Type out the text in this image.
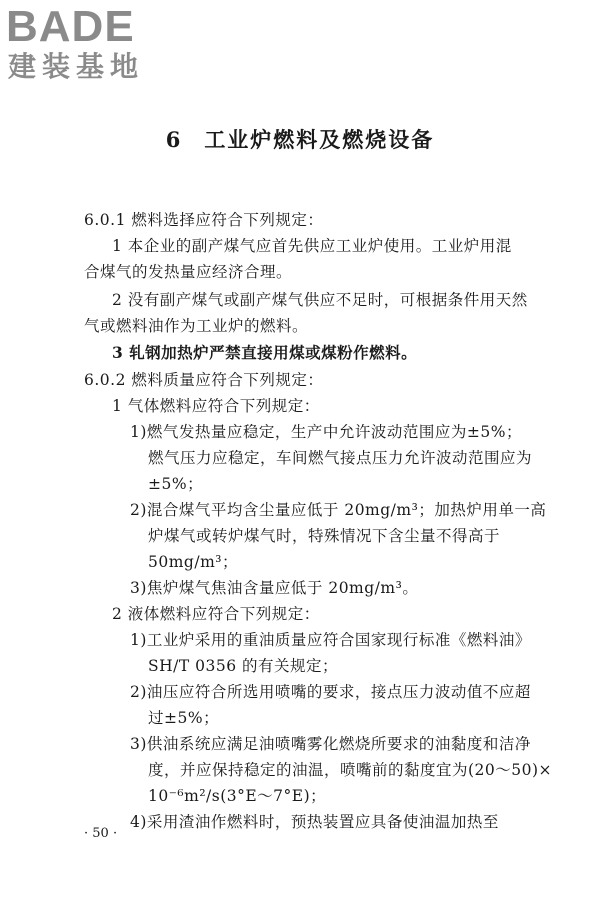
BADE
建装基地
6 工业炉燃料及燃烧设备
6.0.1 燃料选择应符合下列规定：
1 本企业的副产煤气应首先供应工业炉使用。工业炉用混
合煤气的发热量应经济合理。
2 没有副产煤气或副产煤气供应不足时，可根据条件用天然
气或燃料油作为工业炉的燃料。
3 轧钢加热炉严禁直接用煤或煤粉作燃料。
6.0.2 燃料质量应符合下列规定：
1 气体燃料应符合下列规定：
1)燃气发热量应稳定，生产中允许波动范围应为±5%；
燃气压力应稳定，车间燃气接点压力允许波动范围应为
±5%；
2)混合煤气平均含尘量应低于 20mg/m³；加热炉用单一高
炉煤气或转炉煤气时，特殊情况下含尘量不得高于
50mg/m³；
3)焦炉煤气焦油含量应低于 20mg/m³。
2 液体燃料应符合下列规定：
1)工业炉采用的重油质量应符合国家现行标准《燃料油》
SH/T 0356 的有关规定；
2)油压应符合所选用喷嘴的要求，接点压力波动值不应超
过±5%；
3)供油系统应满足油喷嘴雾化燃烧所要求的油黏度和洁净
度，并应保持稳定的油温，喷嘴前的黏度宜为(20～50)×
10⁻⁶m²/s(3°E～7°E)；
4)采用渣油作燃料时，预热装置应具备使油温加热至
· 50 ·
